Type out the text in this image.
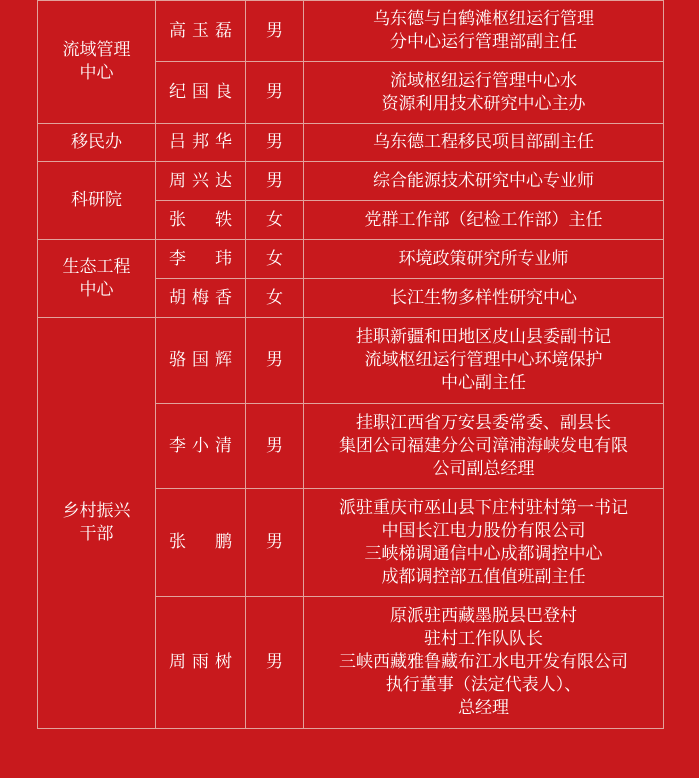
流域管理
中心	高玉磊	男	乌东德与白鹤滩枢纽运行管理
分中心运行管理部副主任

	纪国良	男	流域枢纽运行管理中心水
资源利用技术研究中心主办

移民办	吕邦华	男	乌东德工程移民项目部副主任

科研院	周兴达	男	综合能源技术研究中心专业师

	张　轶	女	党群工作部（纪检工作部）主任

生态工程
中心	李　玮	女	环境政策研究所专业师

	胡梅香	女	长江生物多样性研究中心

乡村振兴
干部	骆国辉	男	挂职新疆和田地区皮山县委副书记
流域枢纽运行管理中心环境保护
中心副主任

	李小清	男	挂职江西省万安县委常委、副县长
集团公司福建分公司漳浦海峡发电有限
公司副总经理

	张　鹏	男	派驻重庆市巫山县下庄村驻村第一书记
中国长江电力股份有限公司
三峡梯调通信中心成都调控中心
成都调控部五值值班副主任

	周雨树	男	原派驻西藏墨脱县巴登村
驻村工作队队长
三峡西藏雅鲁藏布江水电开发有限公司
执行董事（法定代表人）、
总经理
